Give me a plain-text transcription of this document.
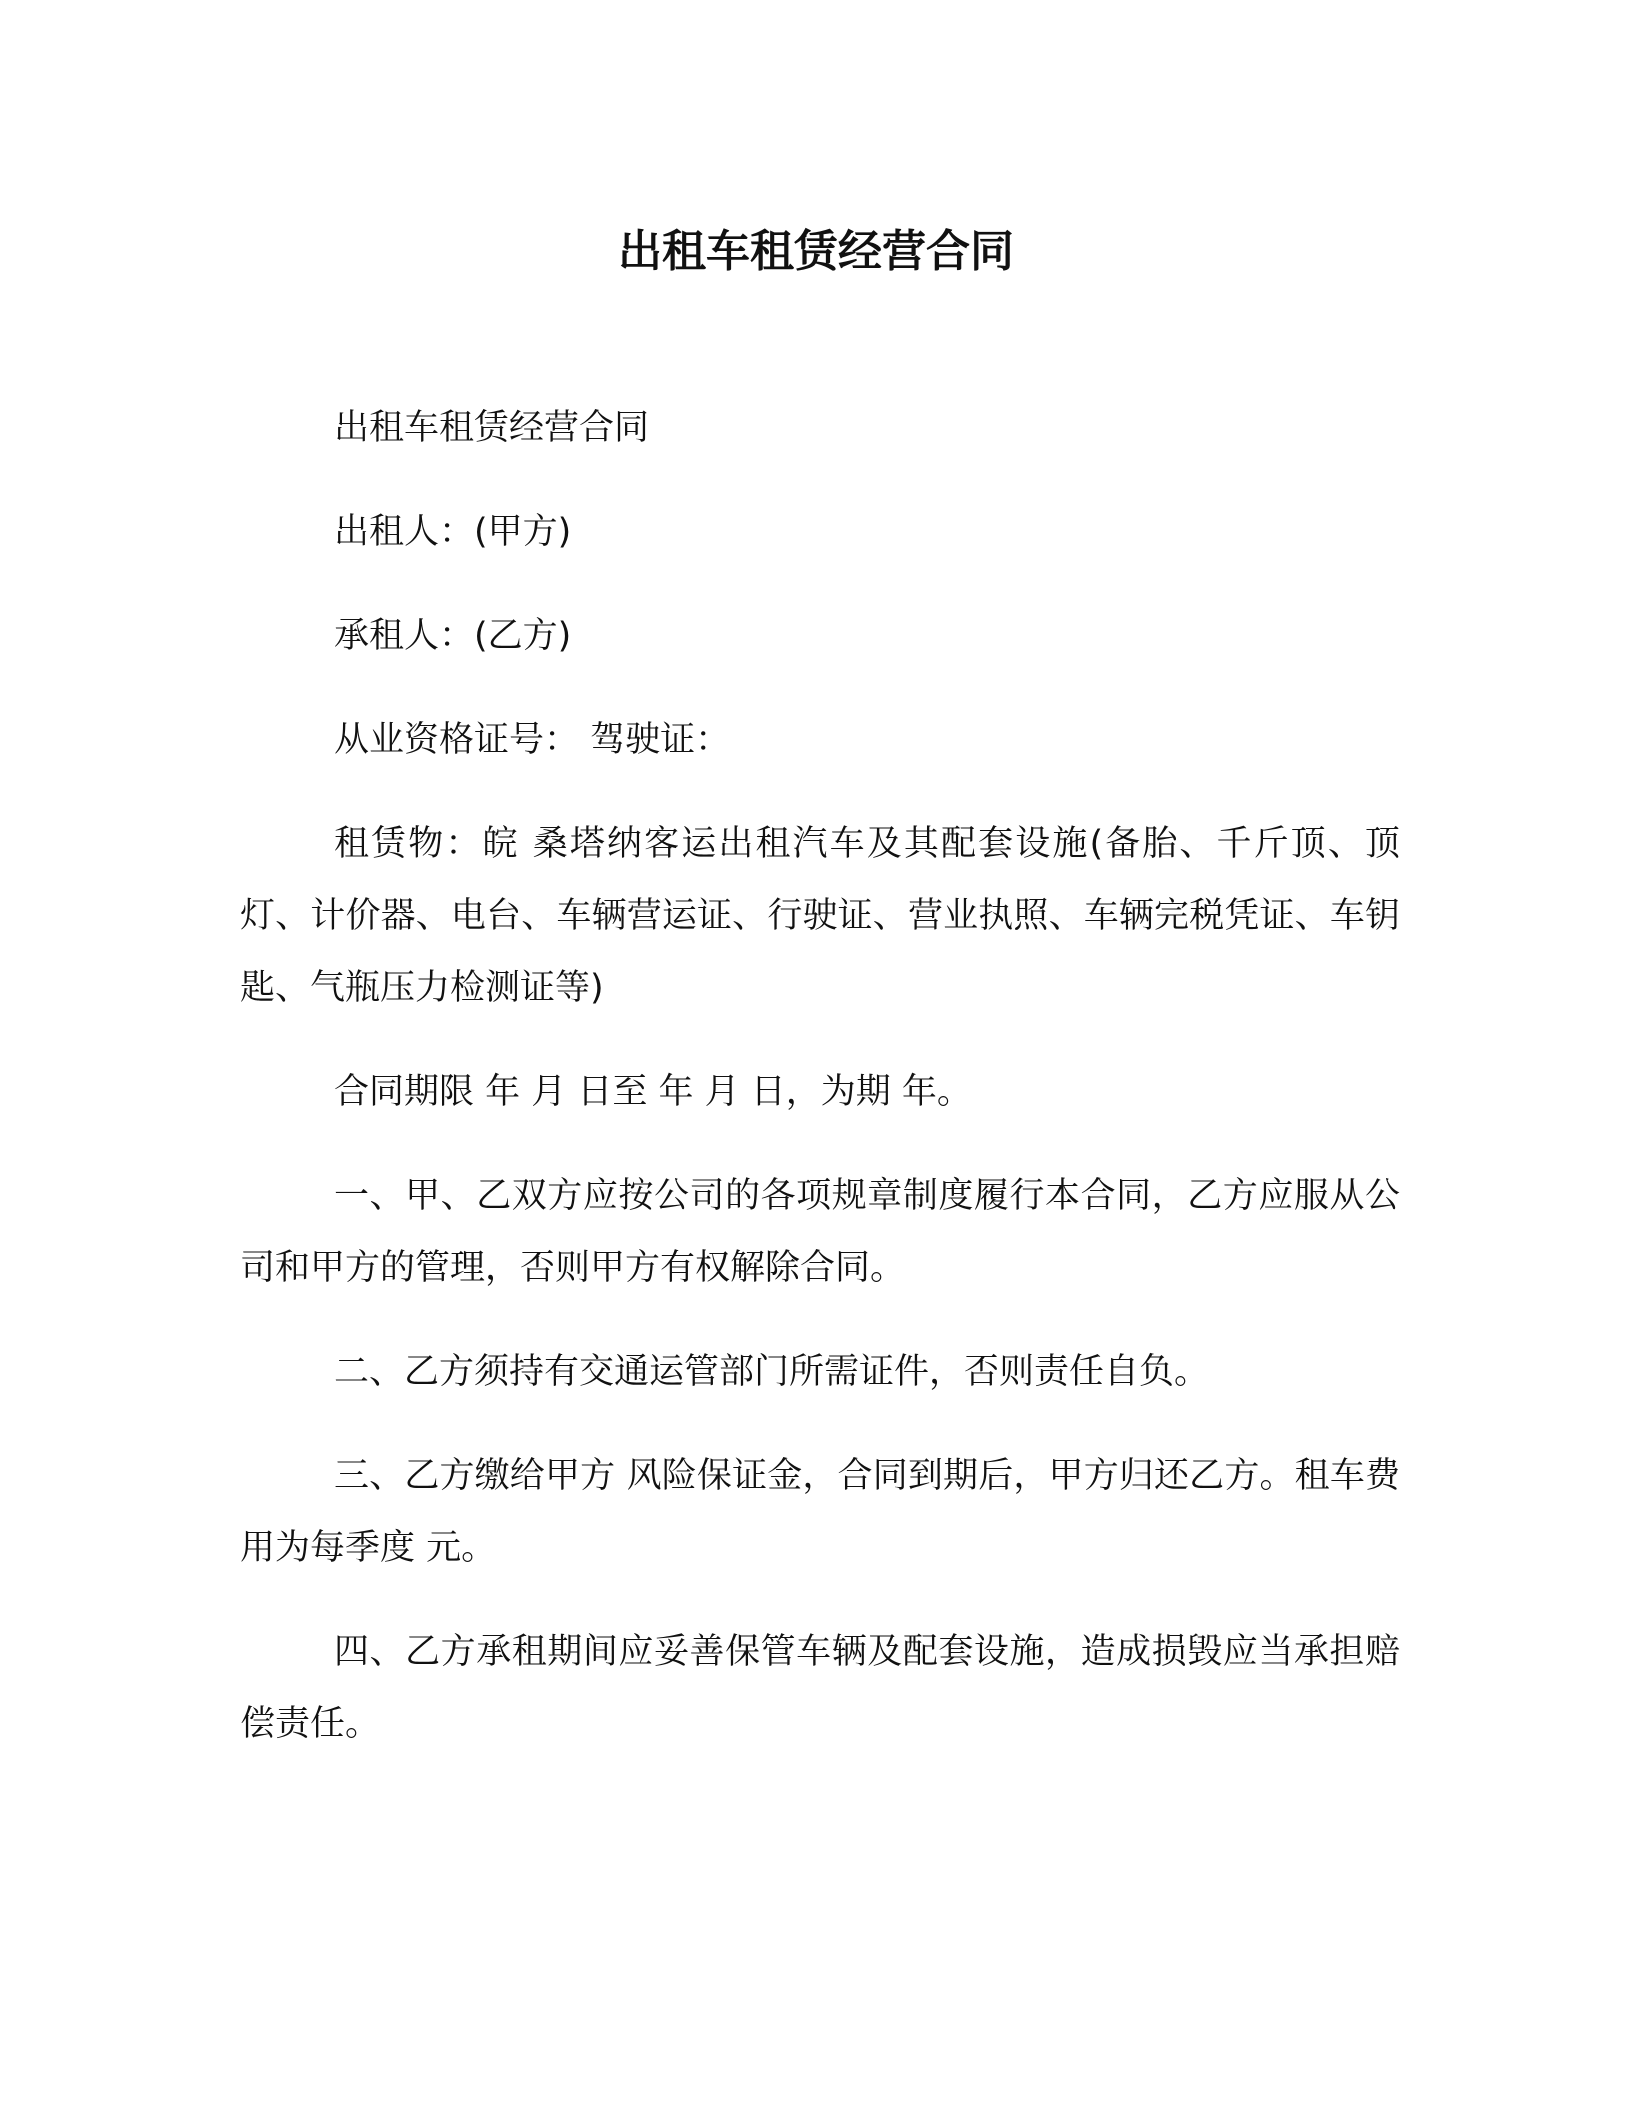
出租车租赁经营合同

出租车租赁经营合同

出租人：(甲方)

承租人：(乙方)

从业资格证号： 驾驶证：

租赁物：皖 桑塔纳客运出租汽车及其配套设施(备胎、千斤顶、顶灯、计价器、电台、车辆营运证、行驶证、营业执照、车辆完税凭证、车钥匙、气瓶压力检测证等)

合同期限 年 月 日至 年 月 日，为期 年。

一、甲、乙双方应按公司的各项规章制度履行本合同，乙方应服从公司和甲方的管理，否则甲方有权解除合同。

二、乙方须持有交通运管部门所需证件，否则责任自负。

三、乙方缴给甲方 风险保证金，合同到期后，甲方归还乙方。租车费用为每季度 元。

四、乙方承租期间应妥善保管车辆及配套设施，造成损毁应当承担赔偿责任。
